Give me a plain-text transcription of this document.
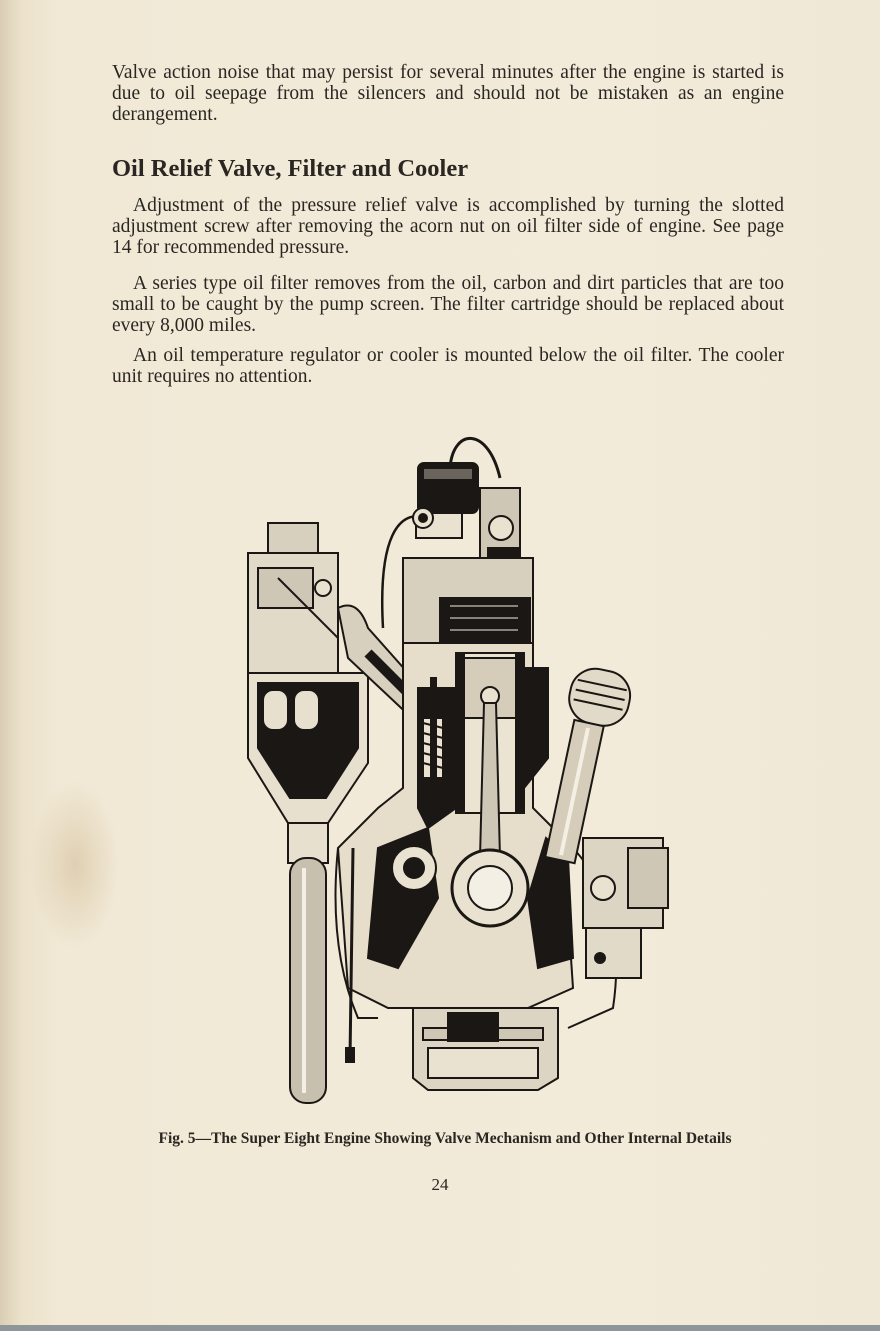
Valve action noise that may persist for several minutes after the engine is started is due to oil seepage from the silencers and should not be mistaken as an engine derangement.

Oil Relief Valve, Filter and Cooler

Adjustment of the pressure relief valve is accomplished by turning the slotted adjustment screw after removing the acorn nut on oil filter side of engine. See page 14 for recommended pressure.

A series type oil filter removes from the oil, carbon and dirt particles that are too small to be caught by the pump screen. The filter cartridge should be replaced about every 8,000 miles.

An oil temperature regulator or cooler is mounted below the oil filter. The cooler unit requires no attention.

Fig. 5—The Super Eight Engine Showing Valve Mechanism and Other Internal Details
24
